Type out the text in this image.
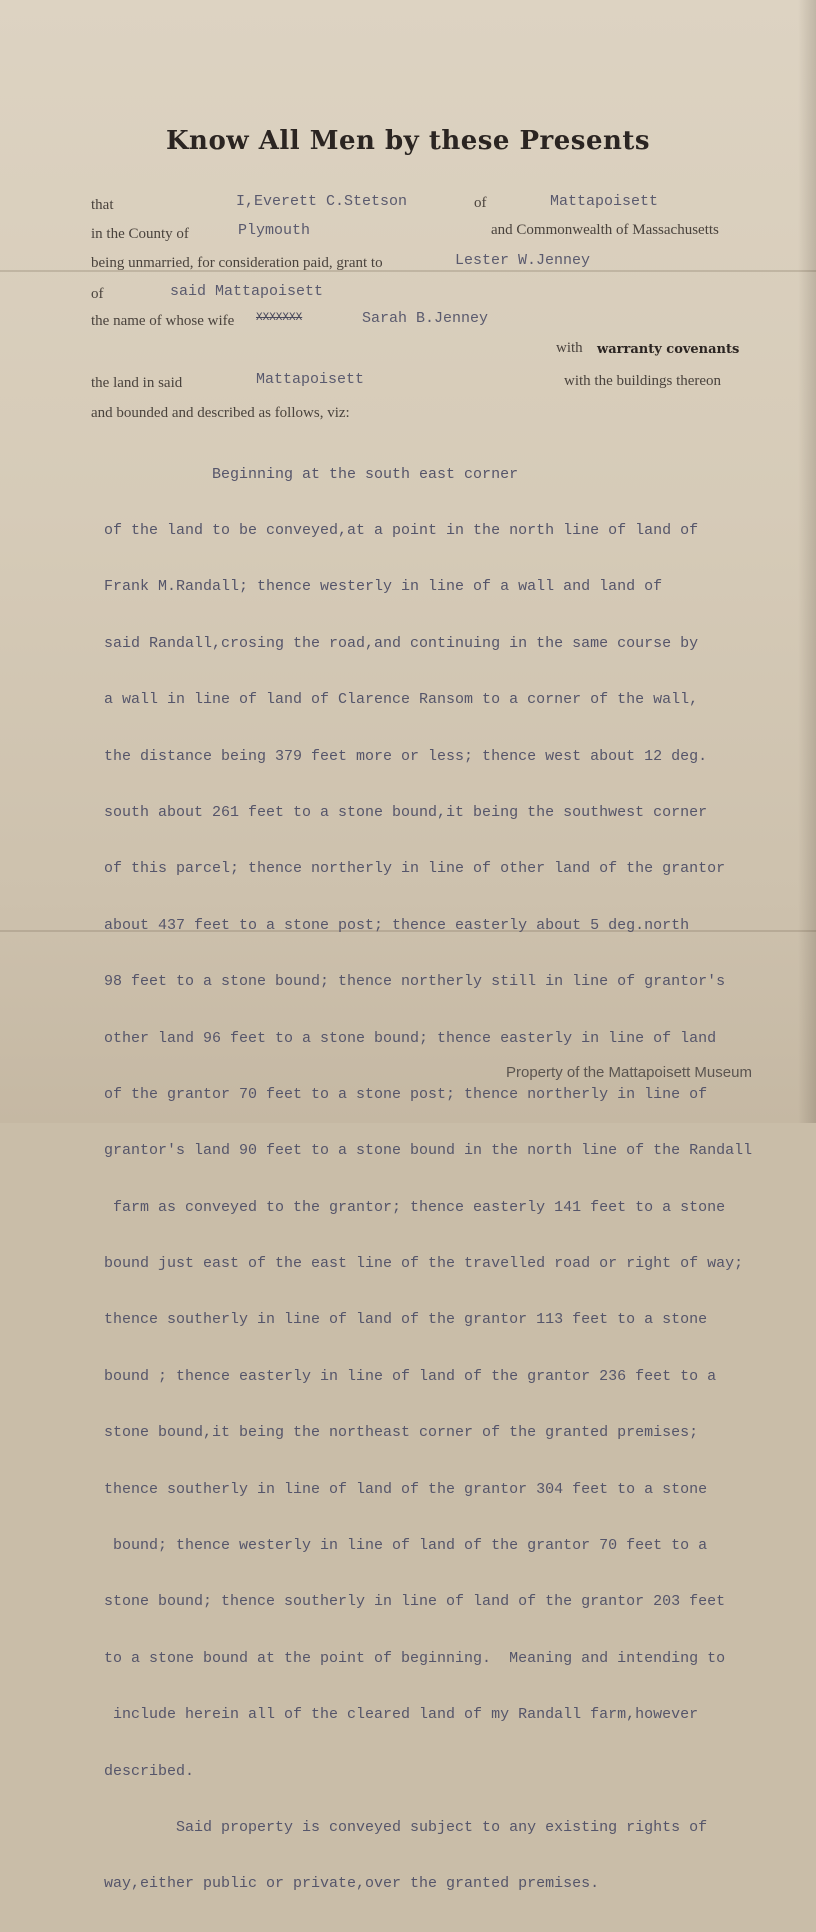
Know All Men by these Presents
that	I,Everett C.Stetson	of	Mattapoisett
in the County of	Plymouth	and Commonwealth of Massachusetts
being unmarried, for consideration paid, grant to	Lester W.Jenney
of	said Mattapoisett
the name of whose wife XXXXXXX	Sarah B.Jenney
with warranty covenants
the land in said	Mattapoisett	with the buildings thereon
and bounded and described as follows, viz:

Beginning at the south east corner

of the land to be conveyed,at a point in the north line of land of

Frank M.Randall; thence westerly in line of a wall and land of

said Randall,crosing the road,and continuing in the same course by

a wall in line of land of Clarence Ransom to a corner of the wall,

the distance being 379 feet more or less; thence west about 12 deg.

south about 261 feet to a stone bound,it being the southwest corner

of this parcel; thence northerly in line of other land of the grantor

about 437 feet to a stone post; thence easterly about 5 deg.north

98 feet to a stone bound; thence northerly still in line of grantor's

other land 96 feet to a stone bound; thence easterly in line of land

of the grantor 70 feet to a stone post; thence northerly in line of

grantor's land 90 feet to a stone bound in the north line of the Randall

farm as conveyed to the grantor; thence easterly 141 feet to a stone

bound just east of the east line of the travelled road or right of way;

thence southerly in line of land of the grantor 113 feet to a stone

bound ; thence easterly in line of land of the grantor 236 feet to a

stone bound,it being the northeast corner of the granted premises;

thence southerly in line of land of the grantor 304 feet to a stone

bound; thence westerly in line of land of the grantor 70 feet to a

stone bound; thence southerly in line of land of the grantor 203 feet

to a stone bound at the point of beginning.  Meaning and intending to

include herein all of the cleared land of my Randall farm,however

described.

Said property is conveyed subject to any existing rights of

way,either public or private,over the granted premises.

Property of the Mattapoisett Museum
